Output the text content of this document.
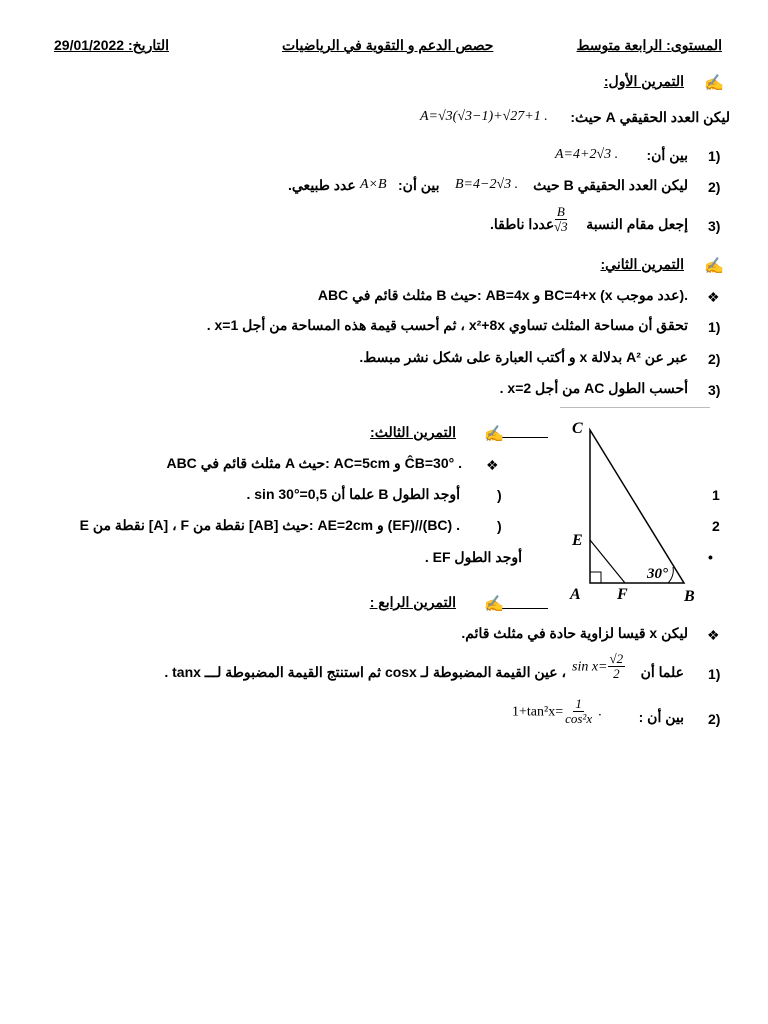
المستوى: الرابعة متوسط
حصص الدعم و التقوية في الرياضيات
التاريخ: 29/01/2022
✍
التمرين الأول:
ليكن العدد الحقيقي A حيث:
A=√3(√3−1)+√27+1 .
1)
بين أن:
A=4+2√3 .
2)
ليكن العدد الحقيقي B حيث
B=4−2√3 .
بين أن:
A×B
عدد طبيعي.
3)
إجعل مقام النسبة
$\frac{B}{√3}$
عددا ناطقا.
✍
التمرين الثاني:
❖
ABC مثلث قائم في B حيث: AB=4x و BC=4+x (x عدد موجب).
1)
تحقق أن مساحة المثلث تساوي x²+8x ، ثم أحسب قيمة هذه المساحة من أجل x=1 .
2)
عبر عن A² بدلالة x و أكتب العبارة على شكل نشر مبسط.
3)
أحسب الطول AC من أجل x=2 .
✍
التمرين الثالث:
❖
ABC مثلث قائم في A حيث: AC=5cm و ĈB=30° .
1
)
أوجد الطول B علما أن sin 30°=0,5 .
2
)
E نقطة من [A] ، F نقطة من [AB] حيث: AE=2cm و (EF)//(BC) .
•
أوجد الطول EF .
C
E
A F	B
30°
✍
التمرين الرابع :
❖
ليكن x قيسا لزاوية حادة في مثلث قائم.
1)
علما أن
$\sin x= \frac{√2}{2}$
، عين القيمة المضبوطة لـ cosx ثم استنتج القيمة المضبوطة لـــ tanx .
2)
بين أن :
$1+\tan^2x= \frac{1}{\text{cos²x}}$ .
